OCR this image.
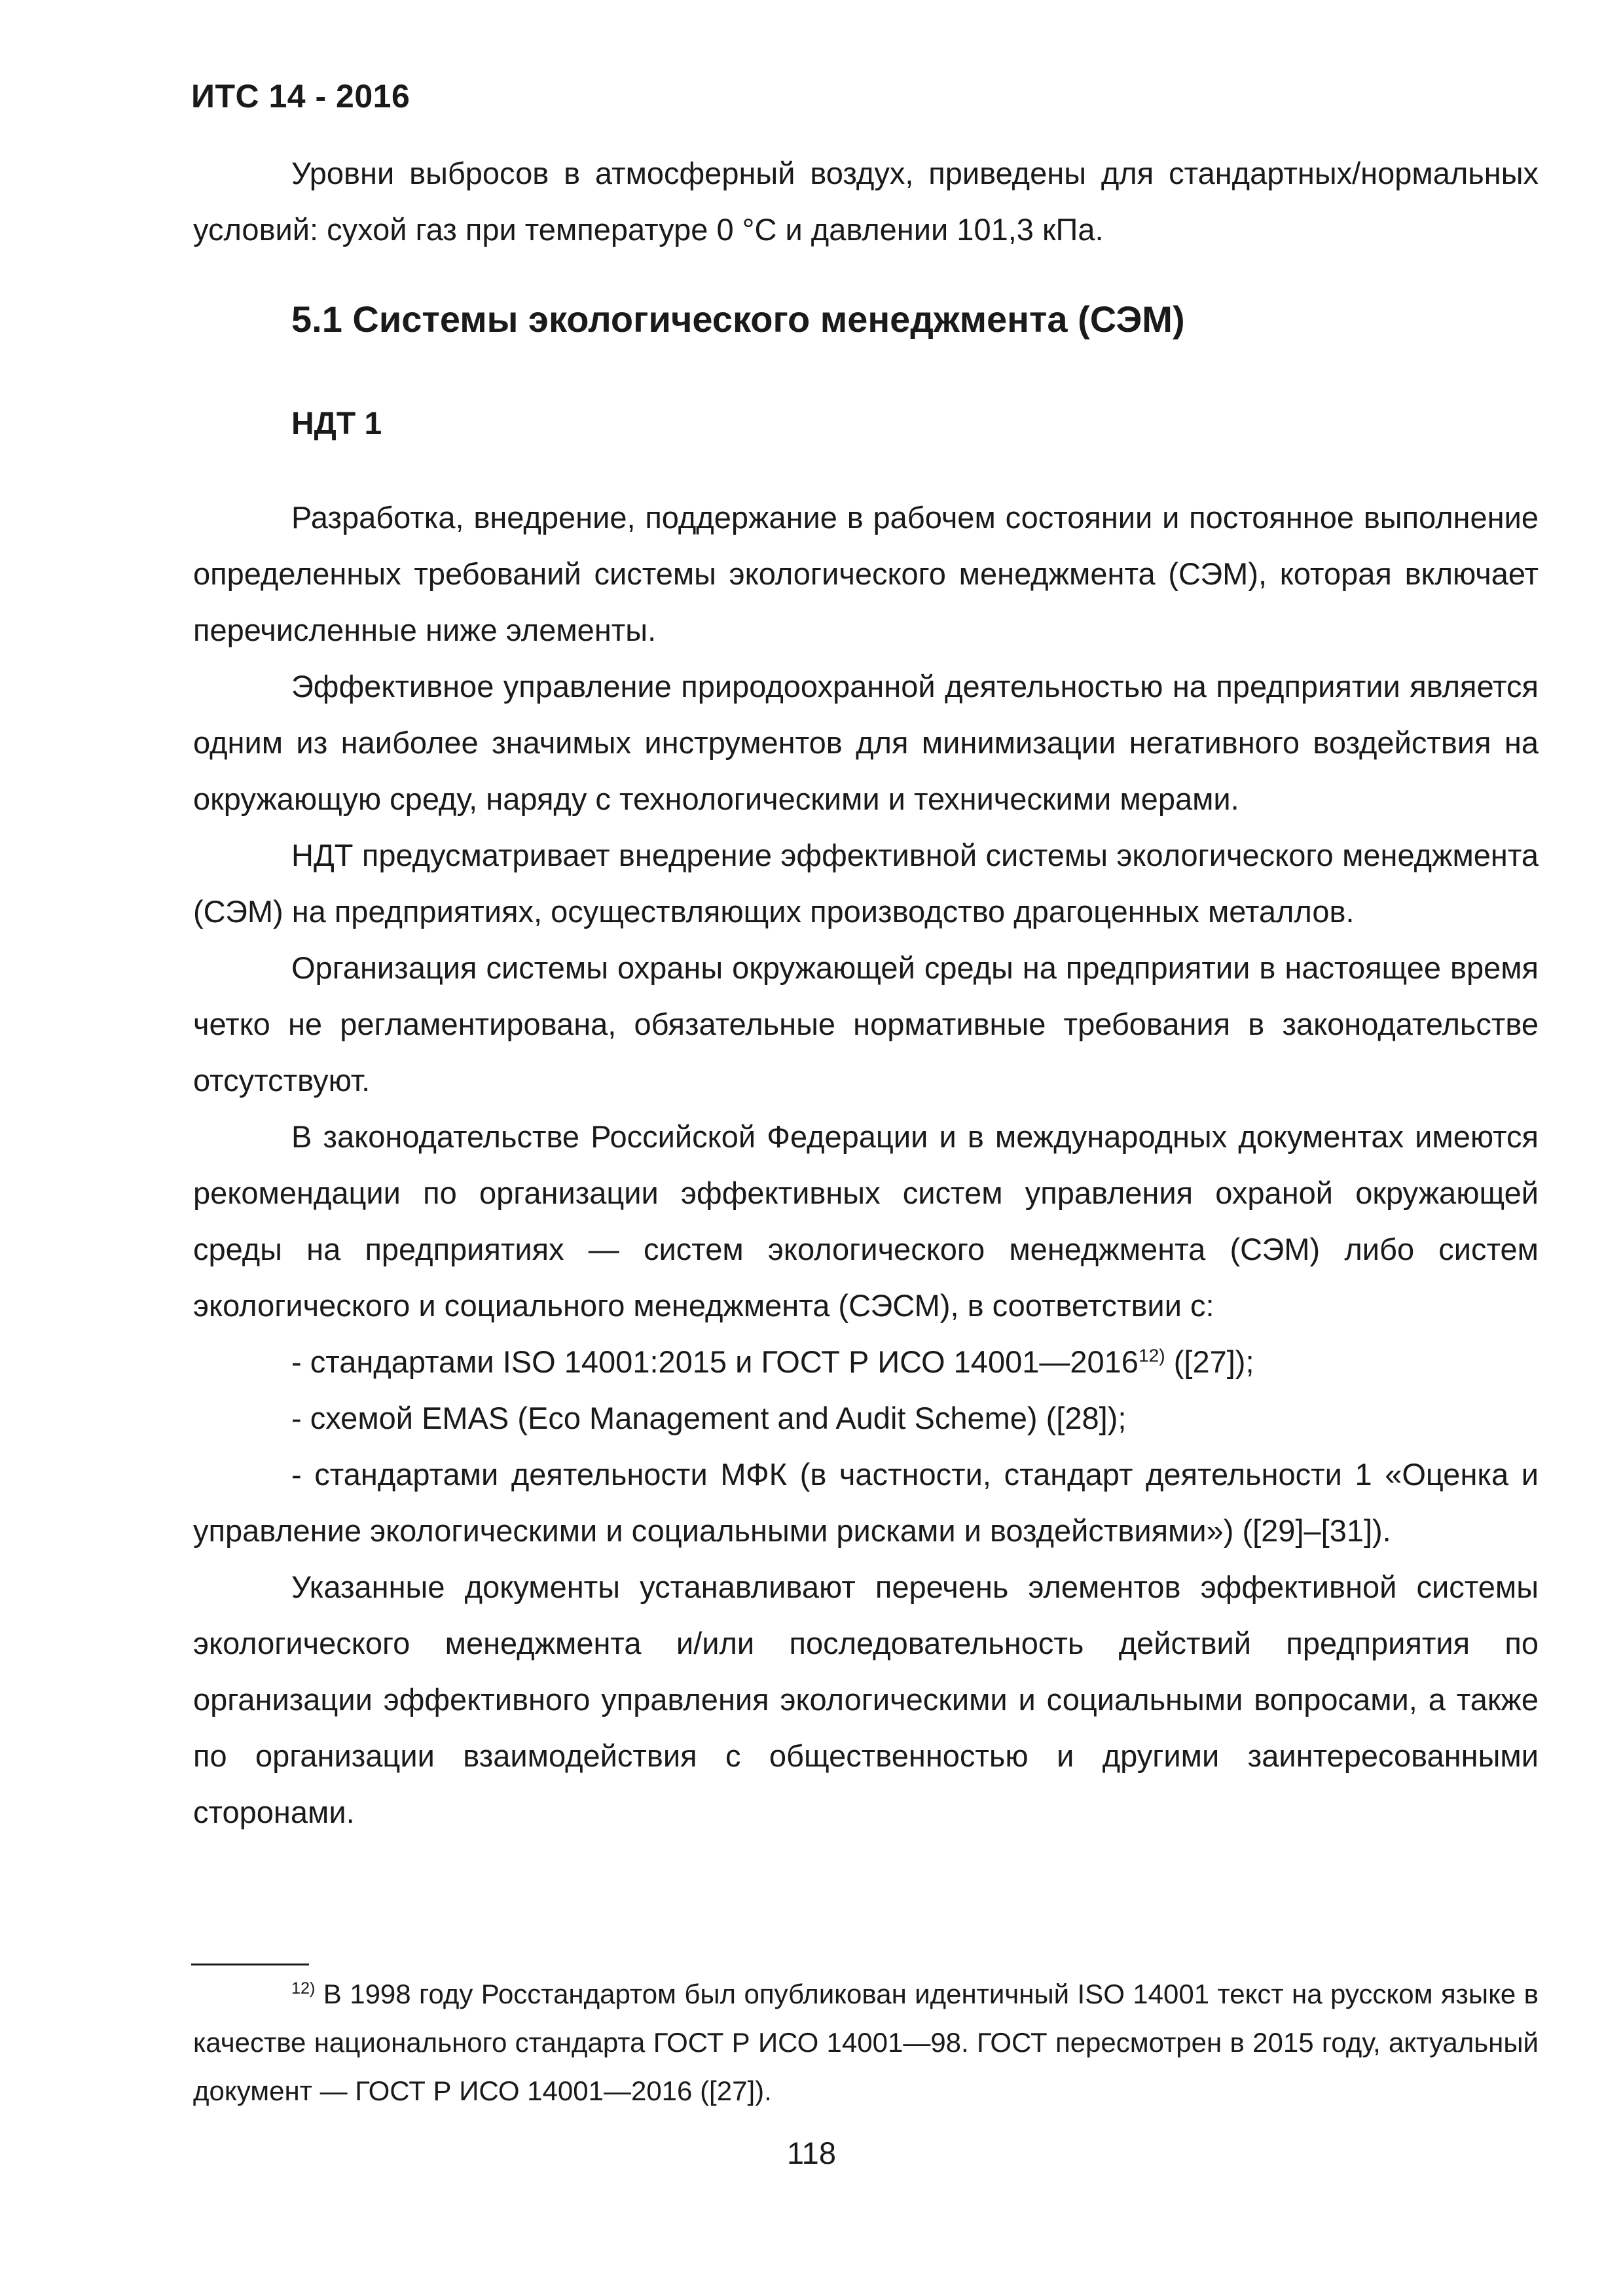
ИТС 14 - 2016

Уровни выбросов в атмосферный воздух, приведены для стандартных/нормальных условий: сухой газ при температуре 0 °С и давлении 101,3 кПа.

5.1 Системы экологического менеджмента (СЭМ)
НДТ 1

Разработка, внедрение, поддержание в рабочем состоянии и постоянное выполнение определенных требований системы экологического менеджмента (СЭМ), которая включает перечисленные ниже элементы.

Эффективное управление природоохранной деятельностью на предприятии является одним из наиболее значимых инструментов для минимизации негативного воздействия на окружающую среду, наряду с технологическими и техническими мерами.

НДТ предусматривает внедрение эффективной системы экологического менеджмента (СЭМ) на предприятиях, осуществляющих производство драгоценных металлов.

Организация системы охраны окружающей среды на предприятии в настоящее время четко не регламентирована, обязательные нормативные требования в законодательстве отсутствуют.

В законодательстве Российской Федерации и в международных документах имеются рекомендации по организации эффективных систем управления охраной окружающей среды на предприятиях — систем экологического менеджмента (СЭМ) либо систем экологического и социального менеджмента (СЭСМ), в соответствии с:

- стандартами ISO 14001:2015 и ГОСТ Р ИСО 14001—2016$^{12)}$ ([27]);

- схемой EMAS (Eco Management and Audit Scheme) ([28]);

- стандартами деятельности МФК (в частности, стандарт деятельности 1 «Оценка и управление экологическими и социальными рисками и воздействиями») ([29]–[31]).

Указанные документы устанавливают перечень элементов эффективной системы экологического менеджмента и/или последовательность действий предприятия по организации эффективного управления экологическими и социальными вопросами, а также по организации взаимодействия с общественностью и другими заинтересованными сторонами.

$^{12)}$ В 1998 году Росстандартом был опубликован идентичный ISO 14001 текст на русском языке в качестве национального стандарта ГОСТ Р ИСО 14001—98. ГОСТ пересмотрен в 2015 году, актуальный документ — ГОСТ Р ИСО 14001—2016 ([27]).

118
